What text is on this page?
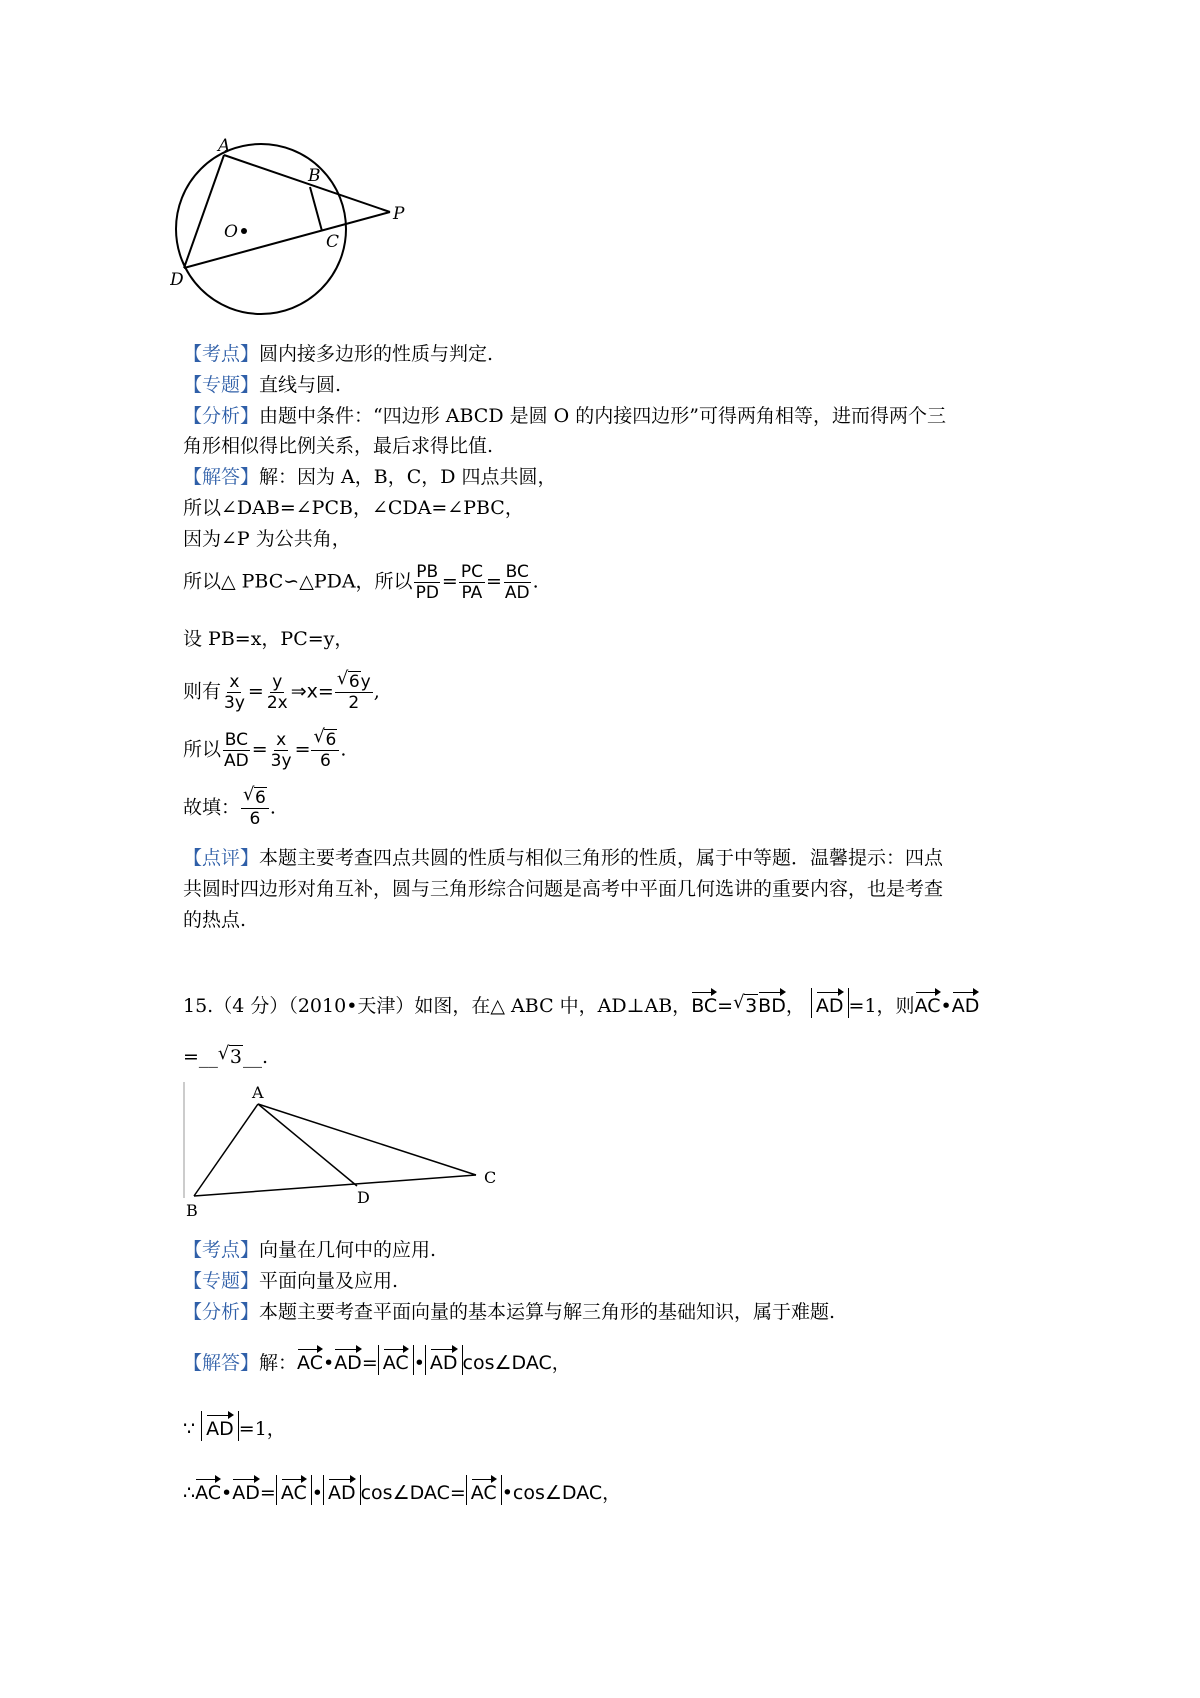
A
B
C
D
P
O
【考点】圆内接多边形的性质与判定.
【专题】直线与圆.
【分析】由题中条件：“四边形 ABCD 是圆 O 的内接四边形”可得两角相等，进而得两个三
角形相似得比例关系，最后求得比值.
【解答】解：因为 A，B，C，D 四点共圆，
所以∠DAB=∠PCB，∠CDA=∠PBC，
因为∠P 为公共角，
所以△ PBC∽△PDA，所以 $\frac{PB}{PD} = \frac{PC}{PA} = \frac{BC}{AD}$ .
设 PB=x，PC=y，
则有 $\frac{x}{3y} = \frac{y}{2x}$ ⇒x= $\frac{√ 6y}{2}$ ,
所以 $\frac{BC}{AD} = \frac{x}{3y} = \frac{√ 6}{6}$ .
故填： $\frac{√ 6}{6}$ .
【点评】本题主要考查四点共圆的性质与相似三角形的性质，属于中等题．温馨提示：四点
共圆时四边形对角互补，圆与三角形综合问题是高考中平面几何选讲的重要内容，也是考查
的热点.
15.（4 分）（2010•天津）如图，在△ ABC 中，AD⊥AB，BC= √ 3BD， AD =1，则AC•AD
=__ √ 3__.
A
B
C
D
【考点】向量在几何中的应用.
【专题】平面向量及应用.
【分析】本题主要考查平面向量的基本运算与解三角形的基础知识，属于难题.
【解答】解：AC•AD= AC • AD cos∠DAC，
∵ AD =1，
∴AC•AD= AC • AD cos∠DAC= AC •cos∠DAC，
